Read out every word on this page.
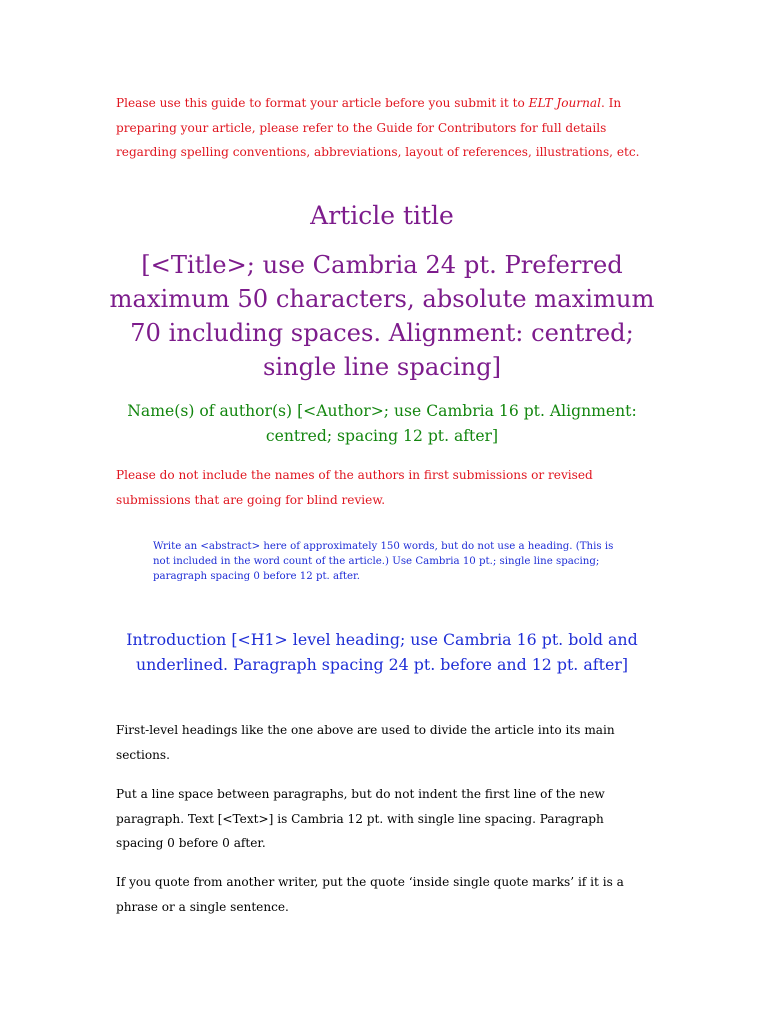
Please use this guide to format your article before you submit it to ELT Journal. In preparing your article, please refer to the Guide for Contributors for full details regarding spelling conventions, abbreviations, layout of references, illustrations, etc.

Article title

[<Title>; use Cambria 24 pt. Preferred maximum 50 characters, absolute maximum 70 including spaces. Alignment: centred; single line spacing]

Name(s) of author(s) [<Author>; use Cambria 16 pt. Alignment: centred; spacing 12 pt. after]

Please do not include the names of the authors in first submissions or revised submissions that are going for blind review.

Write an <abstract> here of approximately 150 words, but do not use a heading. (This is not included in the word count of the article.) Use Cambria 10 pt.; single line spacing; paragraph spacing 0 before 12 pt. after.

Introduction [<H1> level heading; use Cambria 16 pt. bold and underlined. Paragraph spacing 24 pt. before and 12 pt. after]

First-level headings like the one above are used to divide the article into its main sections.

Put a line space between paragraphs, but do not indent the first line of the new paragraph. Text [<Text>] is Cambria 12 pt. with single line spacing. Paragraph spacing 0 before 0 after.

If you quote from another writer, put the quote ‘inside single quote marks’ if it is a phrase or a single sentence.
